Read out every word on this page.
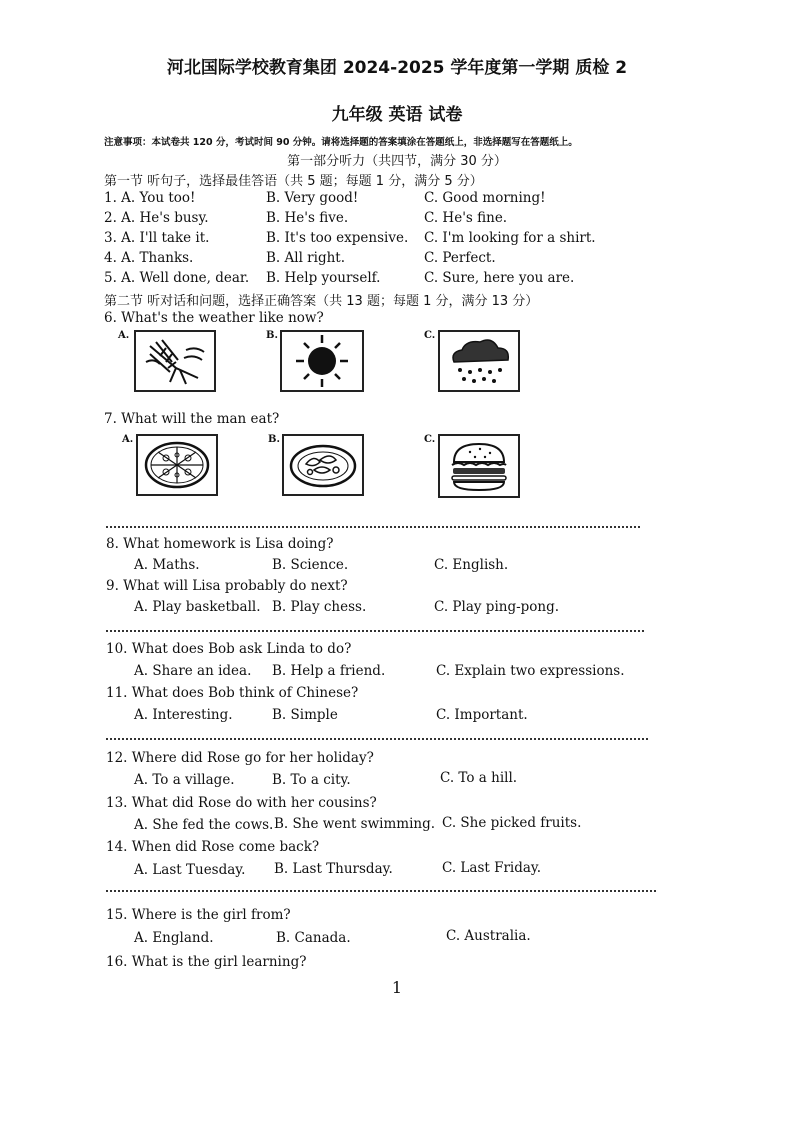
河北国际学校教育集团 2024-2025 学年度第一学期 质检 2
九年级 英语 试卷
注意事项：本试卷共 120 分，考试时间 90 分钟。请将选择题的答案填涂在答题纸上，非选择题写在答题纸上。
第一部分听力（共四节，满分 30 分）
第一节 听句子，选择最佳答语（共 5 题；每题 1 分，满分 5 分）
1. A. You too!	B. Very good!	C. Good morning!
2. A. He's busy.	B. He's five.	C. He's fine.
3. A. I'll take it.	B. It's too expensive. C. I'm looking for a shirt.
4. A. Thanks.	B. All right.	C. Perfect.
5. A. Well done, dear. B. Help yourself.	C. Sure, here you are.
第二节 听对话和问题，选择正确答案（共 13 题；每题 1 分，满分 13 分）
6. What's the weather like now?
A.	B.	C.
7. What will the man eat?
A.	B.	C.
8. What homework is Lisa doing?
A. Maths.	B. Science.	C. English.
9. What will Lisa probably do next?
A. Play basketball. B. Play chess.	C. Play ping-pong.
10. What does Bob ask Linda to do?
A. Share an idea. B. Help a friend.	C. Explain two expressions.
11. What does Bob think of Chinese?
A. Interesting.	B. Simple	C. Important.
12. Where did Rose go for her holiday?
A. To a village.	B. To a city.	C. To a hill.
13. What did Rose do with her cousins?
A. She fed the cows. B. She went swimming. C. She picked fruits.
14. When did Rose come back?
A. Last Tuesday. B. Last Thursday.	C. Last Friday.
15. Where is the girl from?
A. England.	B. Canada.	C. Australia.
16. What is the girl learning?
1
